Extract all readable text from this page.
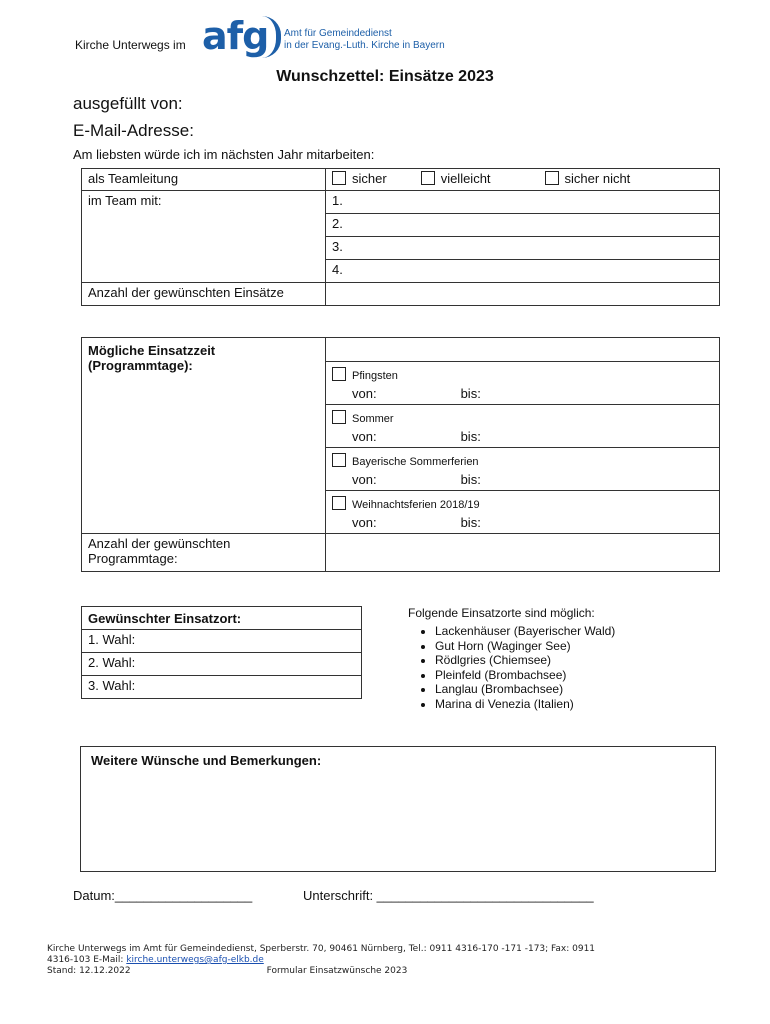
Kirche Unterwegs im afg Amt für Gemeindedienst
in der Evang.-Luth. Kirche in Bayern
Wunschzettel: Einsätze 2023
ausgefüllt von:
E-Mail-Adresse:
Am liebsten würde ich im nächsten Jahr mitarbeiten:
als Teamleitung	sicher vielleicht sicher nicht
im Team mit:	1.
	2.
	3.
	4.
Anzahl der gewünschten Einsätze	
Mögliche Einsatzzeit
(Programmtage):	

	Pfingsten
von: bis:

	Sommer
von: bis:

	Bayerische Sommerferien
von: bis:

	Weihnachtsferien 2018/19
von: bis:

Anzahl der gewünschten
Programmtage:	

Gewünschter Einsatzort:
1. Wahl:
2. Wahl:
3. Wahl:
Folgende Einsatzorte sind möglich:
• Lackenhäuser (Bayerischer Wald)
• Gut Horn (Waginger See)
• Rödlgries (Chiemsee)
• Pleinfeld (Brombachsee)
• Langlau (Brombachsee)
• Marina di Venezia (Italien)
Weitere Wünsche und Bemerkungen:
Datum:___________________	Unterschrift: ______________________________
Kirche Unterwegs im Amt für Gemeindedienst, Sperberstr. 70, 90461 Nürnberg, Tel.: 0911 4316-170 -171 -173; Fax: 0911
4316-103 E-Mail: kirche.unterwegs@afg-elkb.de
Stand: 12.12.2022	Formular Einsatzwünsche 2023
